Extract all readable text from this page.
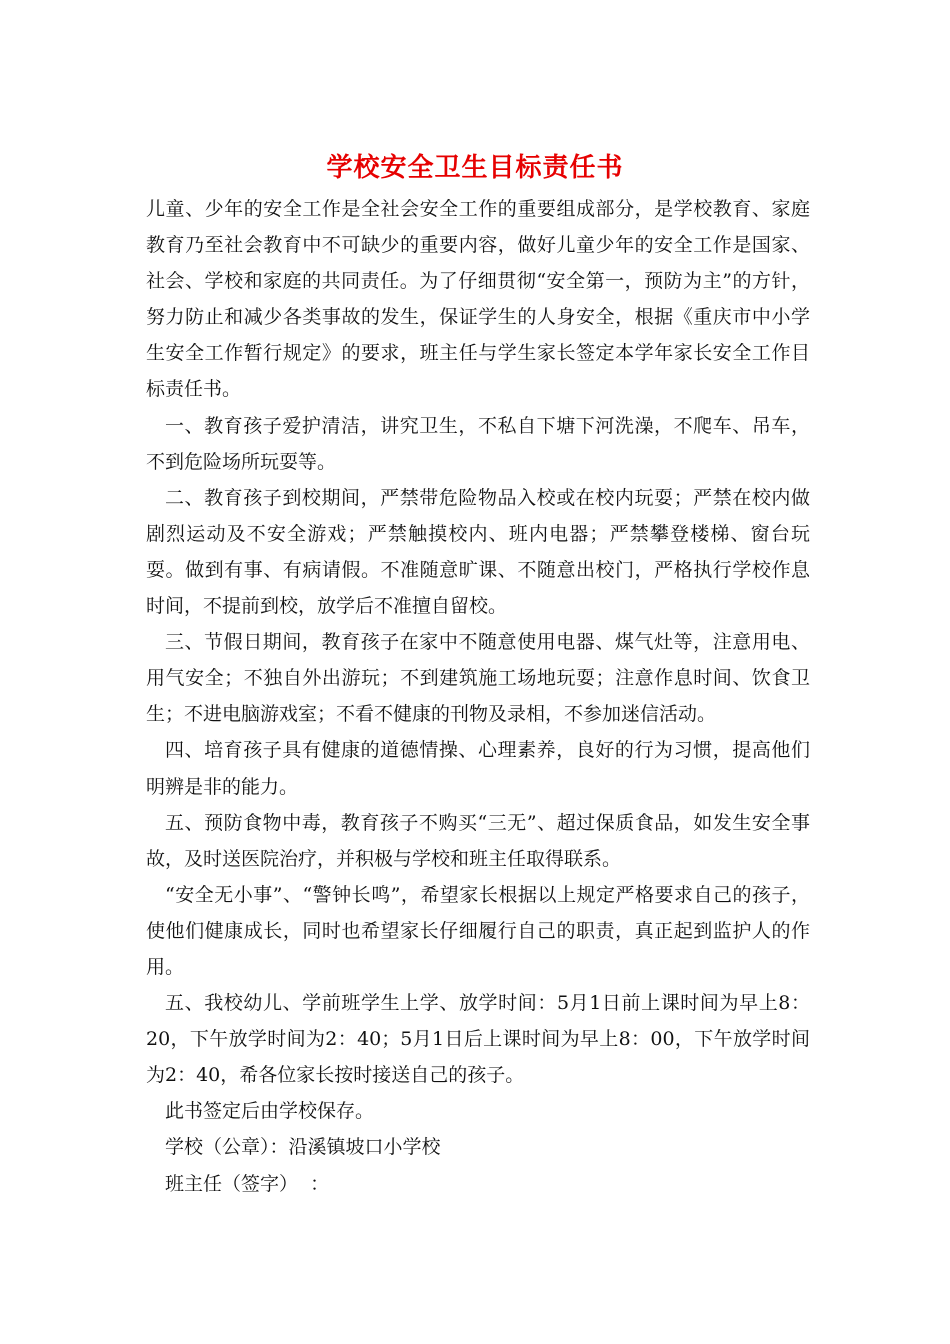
学校安全卫生目标责任书

儿童、少年的安全工作是全社会安全工作的重要组成部分，是学校教育、家庭教育乃至社会教育中不可缺少的重要内容，做好儿童少年的安全工作是国家、社会、学校和家庭的共同责任。为了仔细贯彻“安全第一，预防为主”的方针，努力防止和减少各类事故的发生，保证学生的人身安全，根据《重庆市中小学生安全工作暂行规定》的要求，班主任与学生家长签定本学年家长安全工作目标责任书。

一、教育孩子爱护清洁，讲究卫生，不私自下塘下河洗澡，不爬车、吊车，不到危险场所玩耍等。

二、教育孩子到校期间，严禁带危险物品入校或在校内玩耍；严禁在校内做剧烈运动及不安全游戏；严禁触摸校内、班内电器；严禁攀登楼梯、窗台玩耍。做到有事、有病请假。不准随意旷课、不随意出校门，严格执行学校作息时间，不提前到校，放学后不准擅自留校。

三、节假日期间，教育孩子在家中不随意使用电器、煤气灶等，注意用电、用气安全；不独自外出游玩；不到建筑施工场地玩耍；注意作息时间、饮食卫生；不进电脑游戏室；不看不健康的刊物及录相，不参加迷信活动。

四、培育孩子具有健康的道德情操、心理素养，良好的行为习惯，提高他们明辨是非的能力。

五、预防食物中毒，教育孩子不购买“三无”、超过保质食品，如发生安全事故，及时送医院治疗，并积极与学校和班主任取得联系。

“安全无小事”、“警钟长鸣”，希望家长根据以上规定严格要求自己的孩子，使他们健康成长，同时也希望家长仔细履行自己的职责，真正起到监护人的作用。

五、我校幼儿、学前班学生上学、放学时间：5月1日前上课时间为早上8：20，下午放学时间为2：40；5月1日后上课时间为早上8：00，下午放学时间为2：40，希各位家长按时接送自己的孩子。

此书签定后由学校保存。

学校（公章）：沿溪镇坡口小学校

班主任（签字）  ：
